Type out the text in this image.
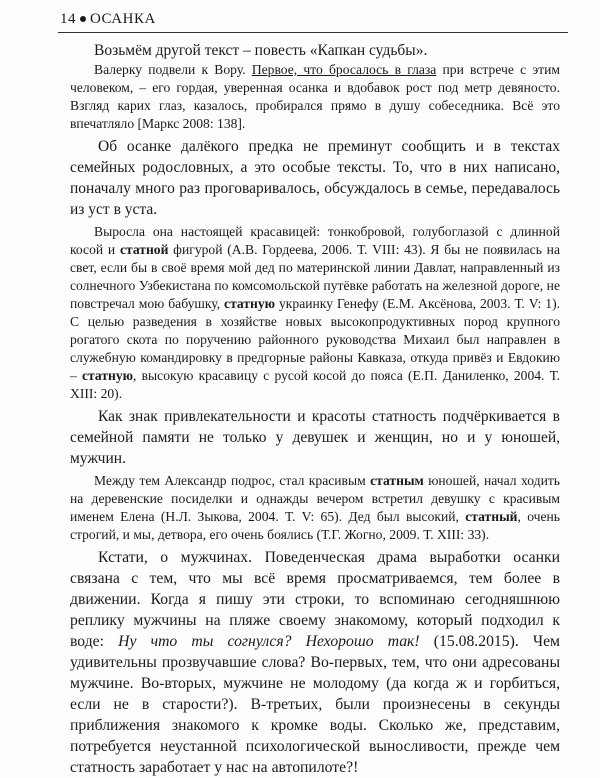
14 ОСАНКА

Возьмём другой текст – повесть «Капкан судьбы».

Валерку подвели к Вору. Первое, что бросалось в глаза при встрече с этим человеком, – его гордая, уверенная осанка и вдобавок рост под метр девяносто. Взгляд карих глаз, казалось, пробирался прямо в душу собеседника. Всё это впечатляло [Маркс 2008: 138].

Об осанке далёкого предка не преминут сообщить и в текстах семейных родословных, а это особые тексты. То, что в них написано, поначалу много раз проговаривалось, обсуждалось в семье, передавалось из уст в уста.

Выросла она настоящей красавицей: тонкобровой, голубоглазой с длинной косой и статной фигурой (А.В. Гордеева, 2006. Т. VIII: 43). Я бы не появилась на свет, если бы в своё время мой дед по материнской линии Давлат, направленный из солнечного Узбекистана по комсомольской путёвке работать на железной дороге, не повстречал мою бабушку, статную украинку Генефу (Е.М. Аксёнова, 2003. Т. V: 1). С целью разведения в хозяйстве новых высокопродуктивных пород крупного рогатого скота по поручению районного руководства Михаил был направлен в служебную командировку в предгорные районы Кавказа, откуда привёз и Евдокию – статную, высокую красавицу с русой косой до пояса (Е.П. Даниленко, 2004. Т. XIII: 20).

Как знак привлекательности и красоты статность подчёркивается в семейной памяти не только у девушек и женщин, но и у юношей, мужчин.

Между тем Александр подрос, стал красивым статным юношей, начал ходить на деревенские посиделки и однажды вечером встретил девушку с красивым именем Елена (Н.Л. Зыкова, 2004. Т. V: 65). Дед был высокий, статный, очень строгий, и мы, детвора, его очень боялись (Т.Г. Жогно, 2009. Т. XIII: 33).

Кстати, о мужчинах. Поведенческая драма выработки осанки связана с тем, что мы всё время просматриваемся, тем более в движении. Когда я пишу эти строки, то вспоминаю сегодняшнюю реплику мужчины на пляже своему знакомому, который подходил к воде: Ну что ты согнулся? Нехорошо так! (15.08.2015). Чем удивительны прозвучавшие слова? Во-первых, тем, что они адресованы мужчине. Во-вторых, мужчине не молодому (да когда ж и горбиться, если не в старости?). В-третьих, были произнесены в секунды приближения знакомого к кромке воды. Сколько же, представим, потребуется неустанной психологической выносливости, прежде чем статность заработает у нас на автопилоте?!
